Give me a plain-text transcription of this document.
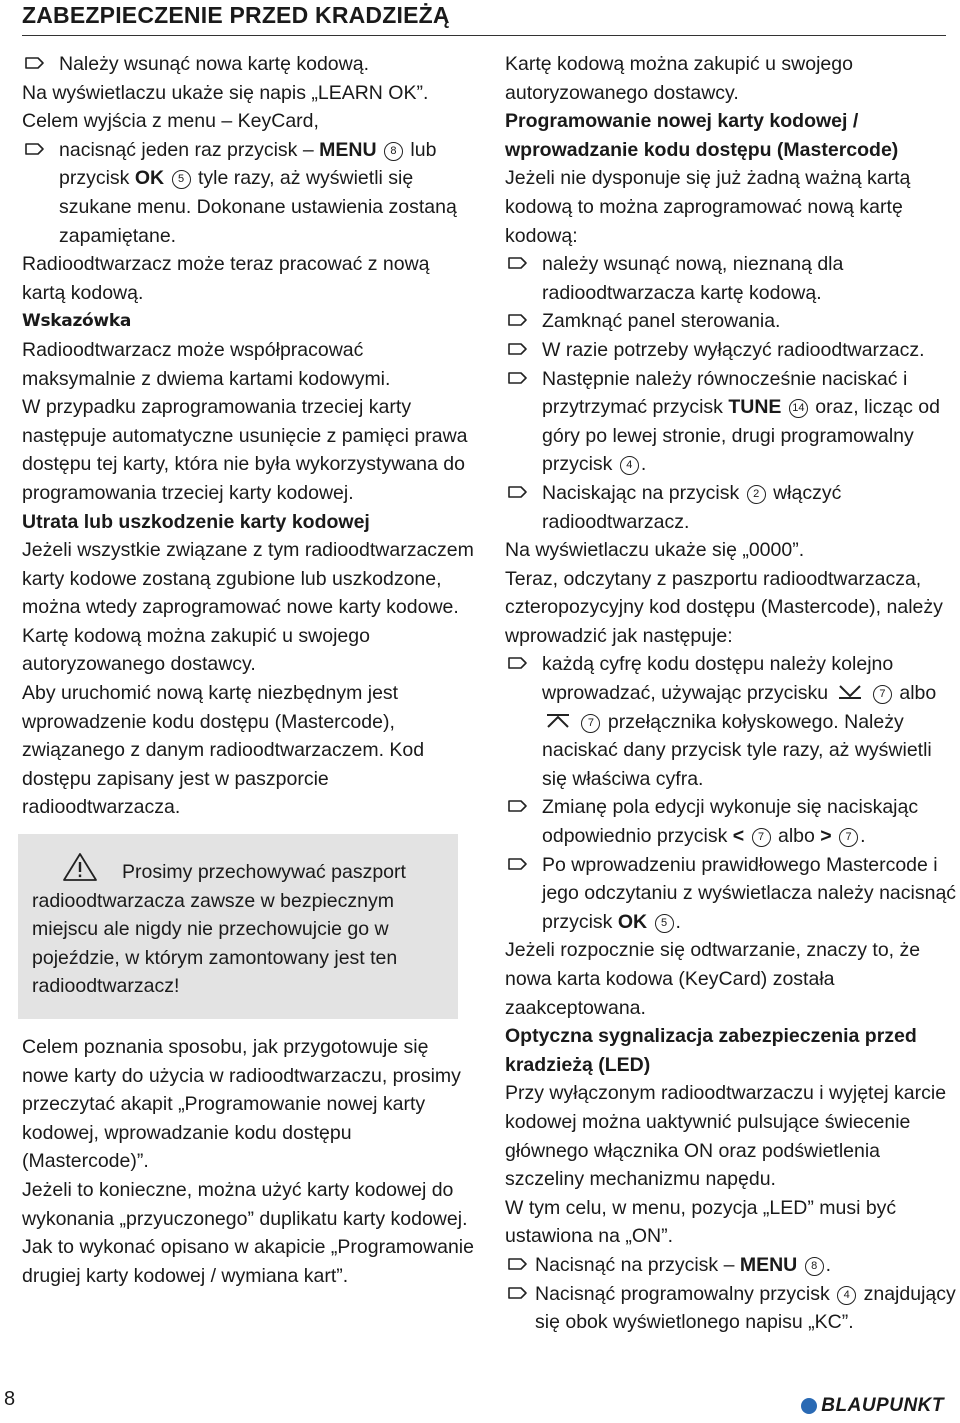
ZABEZPIECZENIE PRZED KRADZIEŻĄ

Należy wsunąć nowa kartę kodową.

Na wyświetlaczu ukaże się napis „LEARN OK”.

Celem wyjścia z menu – KeyCard,

nacisnąć jeden raz przycisk – MENU 8 lub przycisk OK 5 tyle razy, aż wyświetli się szukane menu. Dokonane ustawienia zostaną zapamiętane.

Radioodtwarzacz może teraz pracować z nową kartą kodową.

Wskazówka

Radioodtwarzacz może współpracować maksymalnie z dwiema kartami kodowymi.

W przypadku zaprogramowania trzeciej karty następuje automatyczne usunięcie z pamięci prawa dostępu tej karty, która nie była wykorzystywana do programowania trzeciej karty kodowej.

Utrata lub uszkodzenie karty kodowej

Jeżeli wszystkie związane z tym radioodtwarzaczem karty kodowe zostaną zgubione lub uszkodzone, można wtedy zaprogramować nowe karty kodowe.

Kartę kodową można zakupić u swojego autoryzowanego dostawcy.

Aby uruchomić nową kartę niezbędnym jest wprowadzenie kodu dostępu (Mastercode), związanego z danym radioodtwarzaczem. Kod dostępu zapisany jest w paszporcie radioodtwarzacza.

Prosimy przechowywać paszport radioodtwarzacza zawsze w bezpiecznym miejscu ale nigdy nie przechowujcie go w pojeździe, w którym zamontowany jest ten radioodtwarzacz!

Celem poznania sposobu, jak przygotowuje się nowe karty do użycia w radioodtwarzaczu, prosimy przeczytać akapit „Programowanie nowej karty kodowej, wprowadzanie kodu dostępu (Mastercode)”.

Jeżeli to konieczne, można użyć karty kodowej do wykonania „przyuczonego” duplikatu karty kodowej. Jak to wykonać opisano w akapicie „Programowanie drugiej karty kodowej / wymiana kart”.

Kartę kodową można zakupić u swojego autoryzowanego dostawcy.

Programowanie nowej karty kodowej / wprowadzanie kodu dostępu (Mastercode)

Jeżeli nie dysponuje się już żadną ważną kartą kodową to można zaprogramować nową kartę kodową:

należy wsunąć nową, nieznaną dla radioodtwarzacza kartę kodową.

Zamknąć panel sterowania.

W razie potrzeby wyłączyć radioodtwarzacz.

Następnie należy równocześnie naciskać i przytrzymać przycisk TUNE 14 oraz, licząc od góry po lewej stronie, drugi programowalny przycisk 4 .

Naciskając na przycisk 2 włączyć radioodtwarzacz.

Na wyświetlaczu ukaże się „0000”.

Teraz, odczytany z paszportu radioodtwarzacza, czteropozycyjny kod dostępu (Mastercode), należy wprowadzić jak następuje:

każdą cyfrę kodu dostępu należy kolejno wprowadzać, używając przycisku	7 albo
7 przełącznika kołyskowego. Należy naciskać dany przycisk tyle razy, aż wyświetli się właściwa cyfra.

Zmianę pola edycji wykonuje się naciskając odpowiednio przycisk < 7 albo > 7 .

Po wprowadzeniu prawidłowego Mastercode i jego odczytaniu z wyświetlacza należy nacisnąć przycisk OK 5 .

Jeżeli rozpocznie się odtwarzanie, znaczy to, że nowa karta kodowa (KeyCard) została zaakceptowana.

Optyczna sygnalizacja zabezpieczenia przed kradzieżą (LED)

Przy wyłączonym radioodtwarzaczu i wyjętej karcie kodowej można uaktywnić pulsujące świecenie głównego włącznika ON oraz podświetlenia szczeliny mechanizmu napędu.

W tym celu, w menu, pozycja „LED” musi być ustawiona na „ON”.

Nacisnąć na przycisk – MENU 8 .

Nacisnąć programowalny przycisk 4 znajdujący się obok wyświetlonego napisu „KC”.

8	BLAUPUNKT
